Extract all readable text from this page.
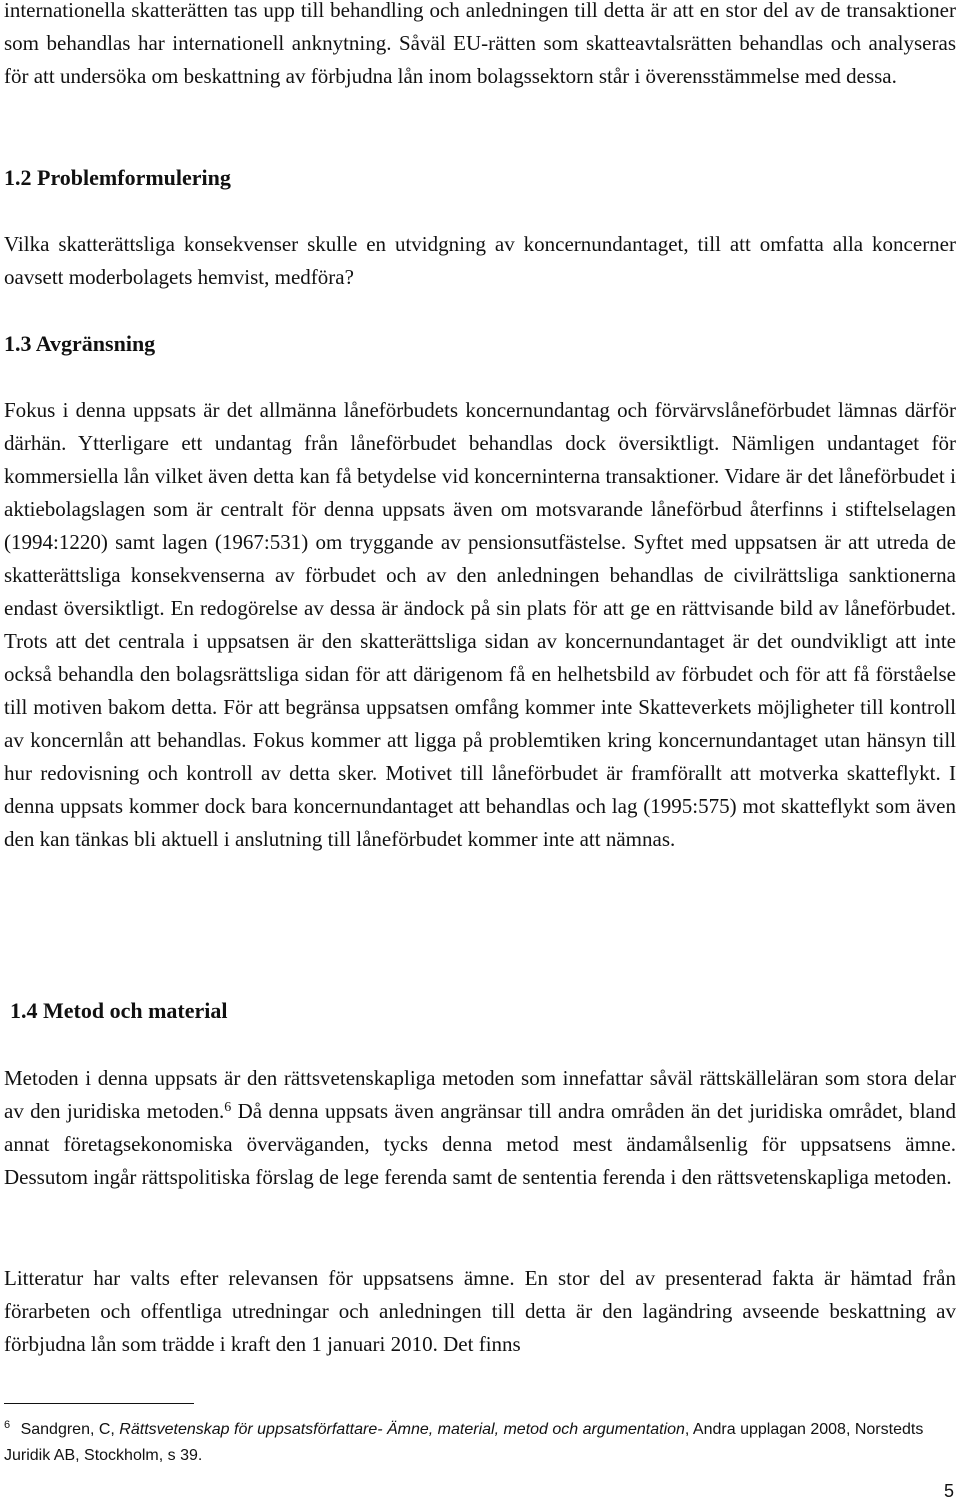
internationella skatterätten tas upp till behandling och anledningen till detta är att en stor del av de transaktioner som behandlas har internationell anknytning. Såväl EU-rätten som skatteavtalsrätten behandlas och analyseras för att undersöka om beskattning av förbjudna lån inom bolagssektorn står i överensstämmelse med dessa.

1.2 Problemformulering

Vilka skatterättsliga konsekvenser skulle en utvidgning av koncernundantaget, till att omfatta alla koncerner oavsett moderbolagets hemvist, medföra?

1.3 Avgränsning

Fokus i denna uppsats är det allmänna låneförbudets koncernundantag och förvärvslåneförbudet lämnas därför därhän. Ytterligare ett undantag från låneförbudet behandlas dock översiktligt. Nämligen undantaget för kommersiella lån vilket även detta kan få betydelse vid koncerninterna transaktioner. Vidare är det låneförbudet i aktiebolagslagen som är centralt för denna uppsats även om motsvarande låneförbud återfinns i stiftelselagen (1994:1220) samt lagen (1967:531) om tryggande av pensionsutfästelse. Syftet med uppsatsen är att utreda de skatterättsliga konsekvenserna av förbudet och av den anledningen behandlas de civilrättsliga sanktionerna endast översiktligt. En redogörelse av dessa är ändock på sin plats för att ge en rättvisande bild av låneförbudet. Trots att det centrala i uppsatsen är den skatterättsliga sidan av koncernundantaget är det oundvikligt att inte också behandla den bolagsrättsliga sidan för att därigenom få en helhetsbild av förbudet och för att få förståelse till motiven bakom detta. För att begränsa uppsatsen omfång kommer inte Skatteverkets möjligheter till kontroll av koncernlån att behandlas. Fokus kommer att ligga på problemtiken kring koncernundantaget utan hänsyn till hur redovisning och kontroll av detta sker. Motivet till låneförbudet är framförallt att motverka skatteflykt. I denna uppsats kommer dock bara koncernundantaget att behandlas och lag (1995:575) mot skatteflykt som även den kan tänkas bli aktuell i anslutning till låneförbudet kommer inte att nämnas.

1.4 Metod och material

Metoden i denna uppsats är den rättsvetenskapliga metoden som innefattar såväl rättskälleläran som stora delar av den juridiska metoden.$^6$ Då denna uppsats även angränsar till andra områden än det juridiska området, bland annat företagsekonomiska överväganden, tycks denna metod mest ändamålsenlig för uppsatsens ämne. Dessutom ingår rättspolitiska förslag de lege ferenda samt de sententia ferenda i den rättsvetenskapliga metoden.

Litteratur har valts efter relevansen för uppsatsens ämne. En stor del av presenterad fakta är hämtad från förarbeten och offentliga utredningar och anledningen till detta är den lagändring avseende beskattning av förbjudna lån som trädde i kraft den 1 januari 2010. Det finns

$^6$ Sandgren, C, Rättsvetenskap för uppsatsförfattare- Ämne, material, metod och argumentation, Andra upplagan 2008, Norstedts Juridik AB, Stockholm, s 39.

5
